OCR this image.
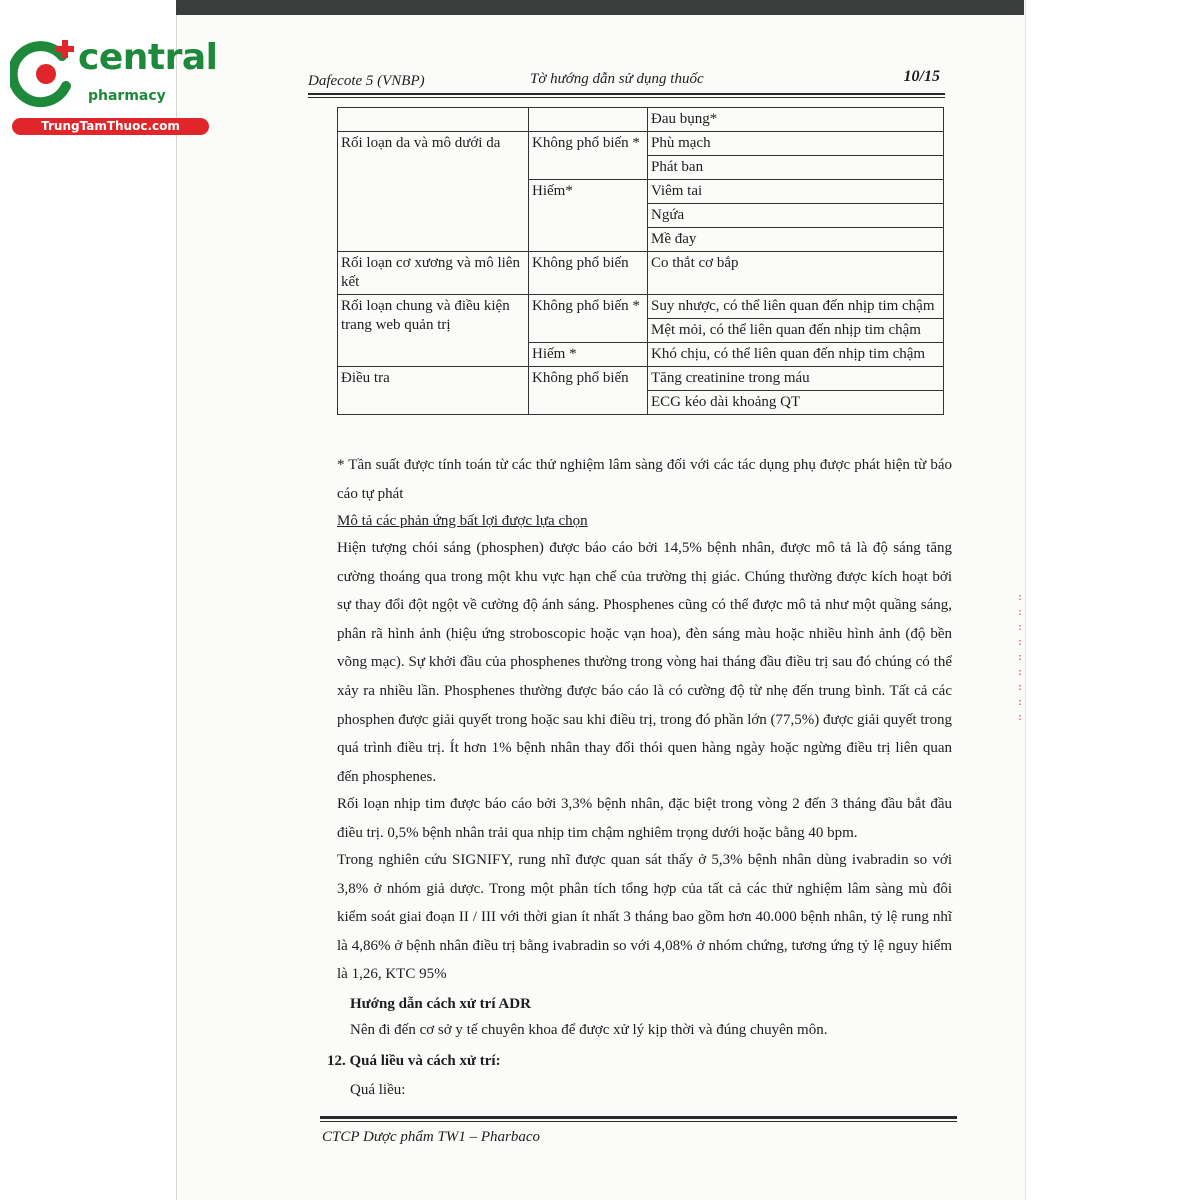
central
pharmacy
TrungTamThuoc.com
Dafecote 5 (VNBP)	Tờ hướng dẫn sử dụng thuốc	10/15
		Đau bụng*
Rối loạn da và mô dưới da	Không phổ biến *	Phù mạch
		Phát ban
	Hiếm*	Viêm tai
		Ngứa
		Mề đay
Rối loạn cơ xương và mô liên kết	Không phổ biến	Co thắt cơ bắp
Rối loạn chung và điều kiện trang web quản trị	Không phổ biến *	Suy nhược, có thể liên quan đến nhịp tim chậm
		Mệt mỏi, có thể liên quan đến nhịp tim chậm
	Hiếm *	Khó chịu, có thể liên quan đến nhịp tim chậm
Điều tra	Không phổ biến	Tăng creatinine trong máu
		ECG kéo dài khoảng QT
* Tần suất được tính toán từ các thử nghiệm lâm sàng đối với các tác dụng phụ được phát hiện từ báo cáo tự phát
Mô tả các phản ứng bất lợi được lựa chọn
Hiện tượng chói sáng (phosphen) được báo cáo bởi 14,5% bệnh nhân, được mô tả là độ sáng tăng cường thoáng qua trong một khu vực hạn chế của trường thị giác. Chúng thường được kích hoạt bởi sự thay đổi đột ngột về cường độ ánh sáng. Phosphenes cũng có thể được mô tả như một quầng sáng, phân rã hình ảnh (hiệu ứng stroboscopic hoặc vạn hoa), đèn sáng màu hoặc nhiều hình ảnh (độ bền võng mạc). Sự khởi đầu của phosphenes thường trong vòng hai tháng đầu điều trị sau đó chúng có thể xảy ra nhiều lần. Phosphenes thường được báo cáo là có cường độ từ nhẹ đến trung bình. Tất cả các phosphen được giải quyết trong hoặc sau khi điều trị, trong đó phần lớn (77,5%) được giải quyết trong quá trình điều trị. Ít hơn 1% bệnh nhân thay đổi thói quen hàng ngày hoặc ngừng điều trị liên quan đến phosphenes.
Rối loạn nhịp tim được báo cáo bởi 3,3% bệnh nhân, đặc biệt trong vòng 2 đến 3 tháng đầu bắt đầu điều trị. 0,5% bệnh nhân trải qua nhịp tim chậm nghiêm trọng dưới hoặc bằng 40 bpm.
Trong nghiên cứu SIGNIFY, rung nhĩ được quan sát thấy ở 5,3% bệnh nhân dùng ivabradin so với 3,8% ở nhóm giả dược. Trong một phân tích tổng hợp của tất cả các thử nghiệm lâm sàng mù đôi kiểm soát giai đoạn II / III với thời gian ít nhất 3 tháng bao gồm hơn 40.000 bệnh nhân, tỷ lệ rung nhĩ là 4,86% ở bệnh nhân điều trị bằng ivabradin so với 4,08% ở nhóm chứng, tương ứng tỷ lệ nguy hiểm là 1,26, KTC 95%
Hướng dẫn cách xử trí ADR
Nên đi đến cơ sở y tế chuyên khoa để được xử lý kịp thời và đúng chuyên môn.
12. Quá liều và cách xử trí:
Quá liều:
CTCP Dược phẩm TW1 – Pharbaco
:
:
:
:
:
:
:
:
:
